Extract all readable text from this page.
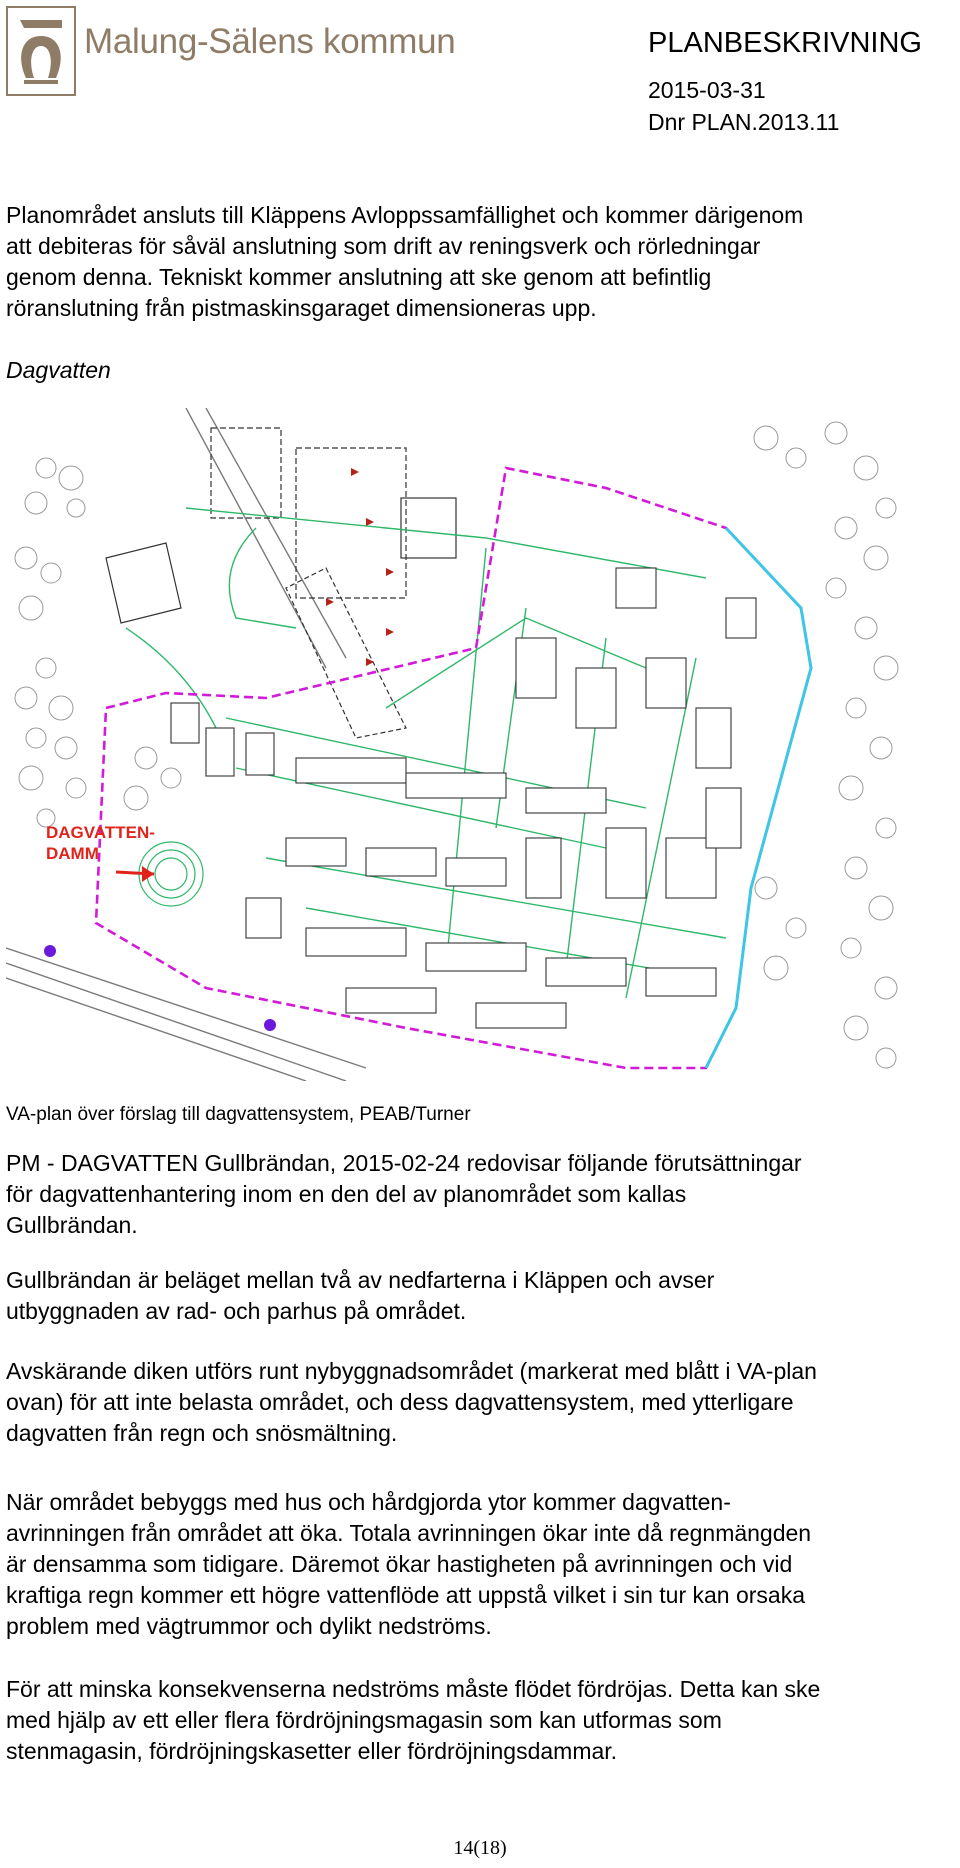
Malung-Sälens kommun	PLANBESKRIVNING
2015-03-31
Dnr PLAN.2013.11
Planområdet ansluts till Kläppens Avloppssamfällighet och kommer därigenom
att debiteras för såväl anslutning som drift av reningsverk och rörledningar
genom denna. Tekniskt kommer anslutning att ske genom att befintlig
röranslutning från pistmaskinsgaraget dimensioneras upp.
Dagvatten
DAGVATTEN-
DAMM
VA-plan över förslag till dagvattensystem, PEAB/Turner
PM - DAGVATTEN Gullbrändan, 2015-02-24 redovisar följande förutsättningar
för dagvattenhantering inom en den del av planområdet som kallas
Gullbrändan.
Gullbrändan är beläget mellan två av nedfarterna i Kläppen och avser
utbyggnaden av rad- och parhus på området.
Avskärande diken utförs runt nybyggnadsområdet (markerat med blått i VA-plan
ovan) för att inte belasta området, och dess dagvattensystem, med ytterligare
dagvatten från regn och snösmältning.
När området bebyggs med hus och hårdgjorda ytor kommer dagvatten-
avrinningen från området att öka. Totala avrinningen ökar inte då regnmängden
är densamma som tidigare. Däremot ökar hastigheten på avrinningen och vid
kraftiga regn kommer ett högre vattenflöde att uppstå vilket i sin tur kan orsaka
problem med vägtrummor och dylikt nedströms.
För att minska konsekvenserna nedströms måste flödet fördröjas. Detta kan ske
med hjälp av ett eller flera fördröjningsmagasin som kan utformas som
stenmagasin, fördröjningskasetter eller fördröjningsdammar.
14(18)
